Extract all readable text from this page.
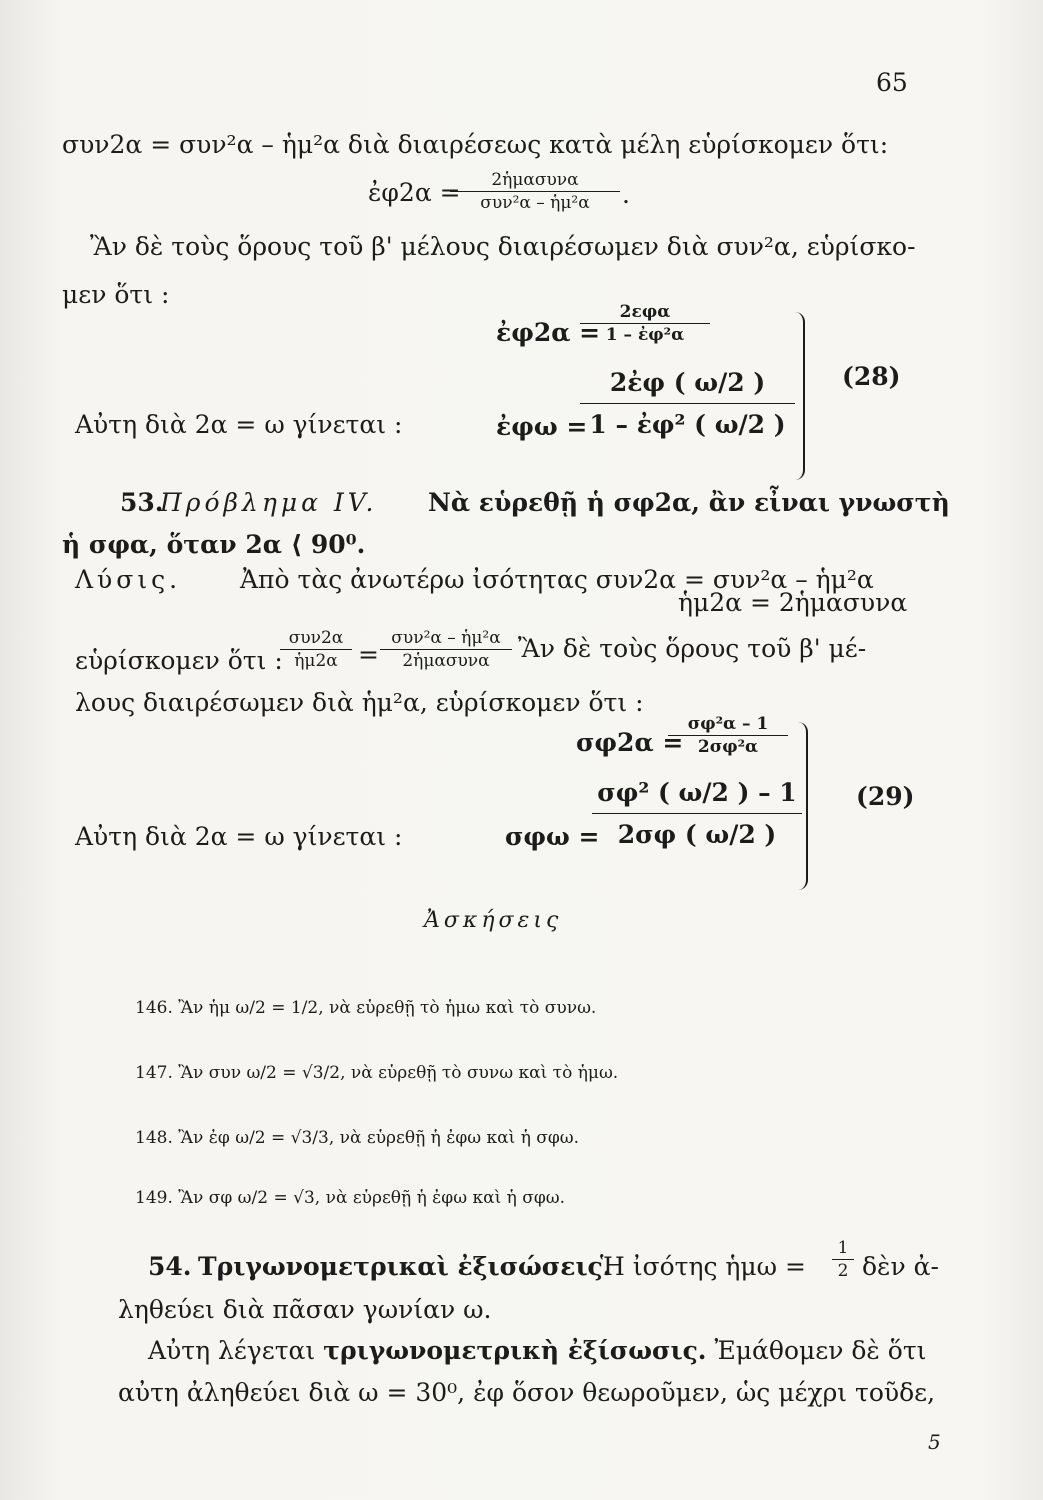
65
συν2α = συν²α – ἡμ²α διὰ διαιρέσεως κατὰ μέλη εὑρίσκομεν ὅτι:
ἐφ2α =	2ἡμασυνα
συν²α – ἡμ²α	.
Ἂν δὲ τοὺς ὅρους τοῦ β' μέλους διαιρέσωμεν διὰ συν²α, εὑρίσκο-
μεν ὅτι :
ἐφ2α =
2εφα
1 – ἐφ²α
Αὐτη διὰ 2α = ω γίνεται :	ἐφω =
2ἐφ ( ω/2 )
1 – ἐφ² ( ω/2 )
(28)
53.
Πρόβλημα IV. Νὰ εὑρεθῇ ἡ σφ2α, ἂν εἶναι γνωστὴ
ἡ σφα, ὅταν 2α ⟨ 90⁰.
Λύσις. Ἀπὸ τὰς ἀνωτέρω ἰσότητας συν2α = συν²α – ἡμ²α
ἡμ2α = 2ἡμασυνα
εὑρίσκομεν ὅτι :
συν2α
ἡμ2α =
συν²α – ἡμ²α
2ἡμασυνα	Ἂν δὲ τοὺς ὅρους τοῦ β' μέ-
λους διαιρέσωμεν διὰ ἡμ²α, εὑρίσκομεν ὅτι :
σφ2α =
σφ²α – 1
2σφ²α
Αὐτη διὰ 2α = ω γίνεται :	σφω =
σφ² ( ω/2 ) – 1
2σφ ( ω/2 )
(29)
Ἀσκήσεις
146. Ἂν ἡμ ω/2 = 1/2, νὰ εὑρεθῇ τὸ ἡμω καὶ τὸ συνω.
147. Ἂν συν ω/2 = √3/2, νὰ εὑρεθῇ τὸ συνω καὶ τὸ ἡμω.
148. Ἂν ἐφ ω/2 = √3/3, νὰ εὑρεθῇ ἡ ἐφω καὶ ἡ σφω.
149. Ἂν σφ ω/2 = √3, νὰ εὑρεθῇ ἡ ἐφω καὶ ἡ σφω.
54. Τριγωνομετρικαὶ ἐξισώσεις.
Ἡ ἰσότης ἡμω =
1
2 δὲν ἀ-
ληθεύει διὰ πᾶσαν γωνίαν ω.
Αὐτη λέγεται τριγωνομετρικὴ ἐξίσωσις. Ἐμάθομεν δὲ ὅτι
αὐτη ἀληθεύει διὰ ω = 30⁰, ἐφ ὅσον θεωροῦμεν, ὡς μέχρι τοῦδε,
5
